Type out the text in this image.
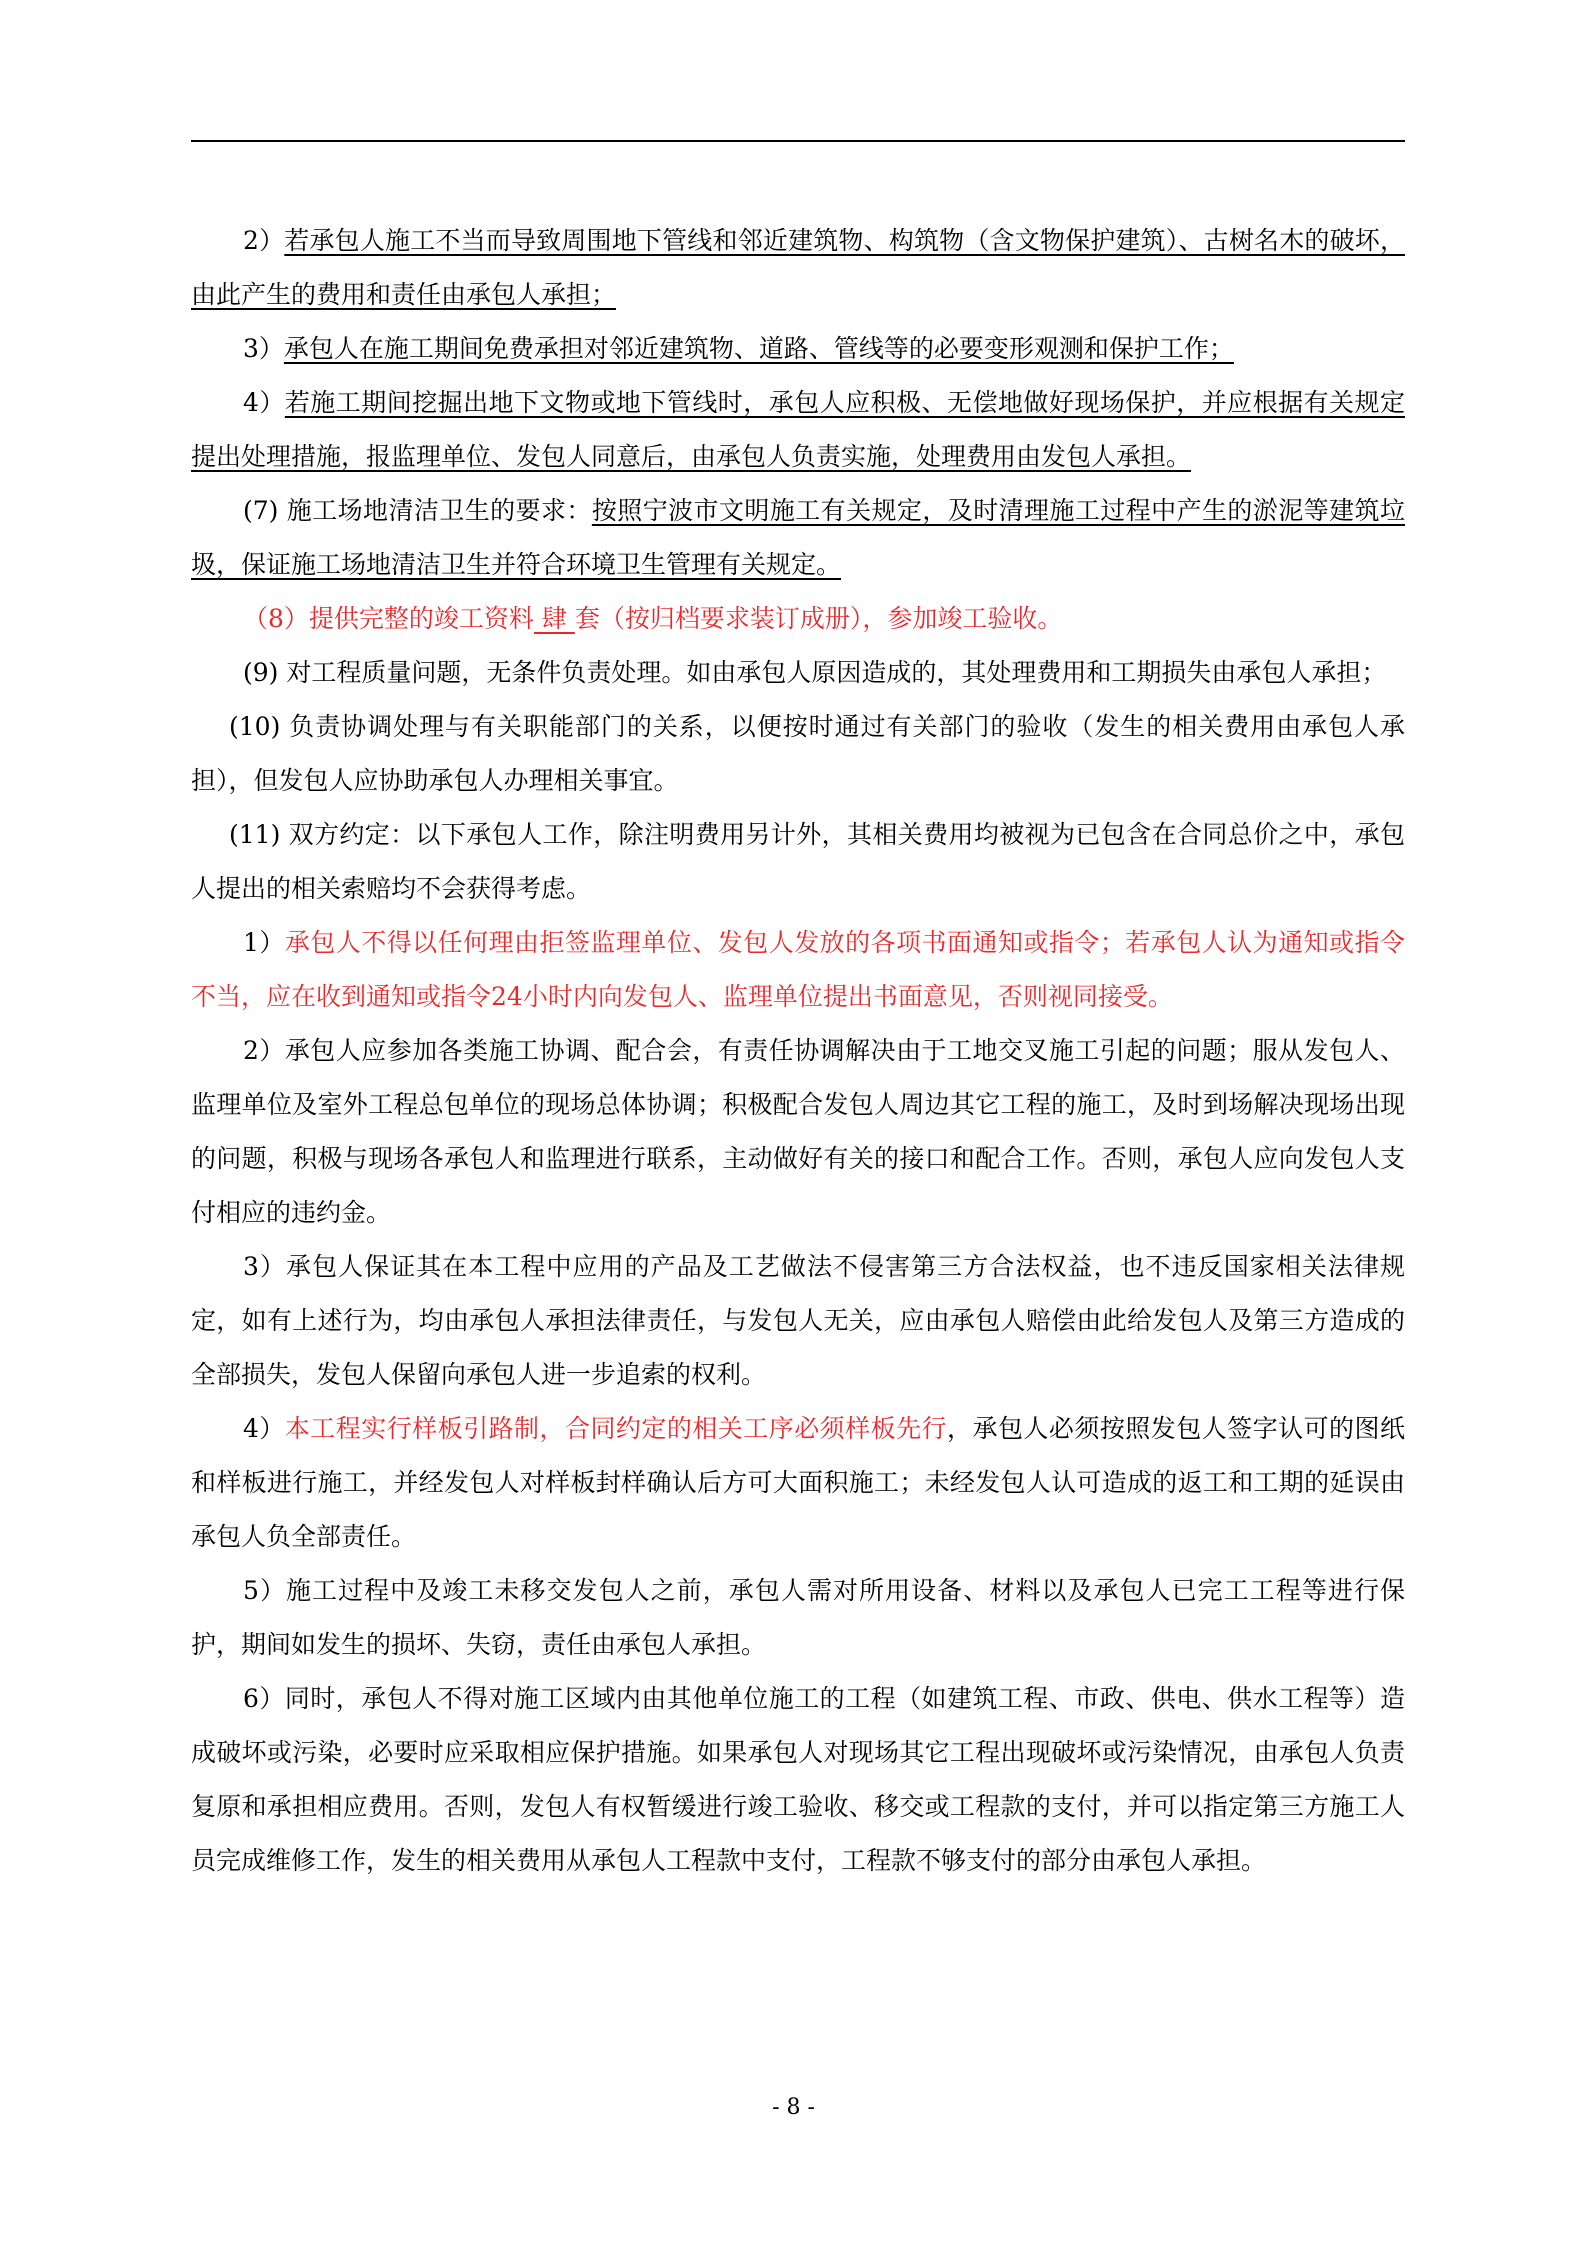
2）若承包人施工不当而导致周围地下管线和邻近建筑物、构筑物（含文物保护建筑）、古树名木的破坏，由此产生的费用和责任由承包人承担；

3）承包人在施工期间免费承担对邻近建筑物、道路、管线等的必要变形观测和保护工作；

4）若施工期间挖掘出地下文物或地下管线时，承包人应积极、无偿地做好现场保护，并应根据有关规定提出处理措施，报监理单位、发包人同意后，由承包人负责实施，处理费用由发包人承担。

(7) 施工场地清洁卫生的要求：按照宁波市文明施工有关规定，及时清理施工过程中产生的淤泥等建筑垃圾，保证施工场地清洁卫生并符合环境卫生管理有关规定。

（8）提供完整的竣工资料 肆 套（按归档要求装订成册），参加竣工验收。

(9) 对工程质量问题，无条件负责处理。如由承包人原因造成的，其处理费用和工期损失由承包人承担；

(10) 负责协调处理与有关职能部门的关系，以便按时通过有关部门的验收（发生的相关费用由承包人承担），但发包人应协助承包人办理相关事宜。

(11) 双方约定：以下承包人工作，除注明费用另计外，其相关费用均被视为已包含在合同总价之中，承包人提出的相关索赔均不会获得考虑。

1）承包人不得以任何理由拒签监理单位、发包人发放的各项书面通知或指令；若承包人认为通知或指令不当，应在收到通知或指令24小时内向发包人、监理单位提出书面意见，否则视同接受。

2）承包人应参加各类施工协调、配合会，有责任协调解决由于工地交叉施工引起的问题；服从发包人、监理单位及室外工程总包单位的现场总体协调；积极配合发包人周边其它工程的施工，及时到场解决现场出现的问题，积极与现场各承包人和监理进行联系，主动做好有关的接口和配合工作。否则，承包人应向发包人支付相应的违约金。

3）承包人保证其在本工程中应用的产品及工艺做法不侵害第三方合法权益，也不违反国家相关法律规定，如有上述行为，均由承包人承担法律责任，与发包人无关，应由承包人赔偿由此给发包人及第三方造成的全部损失，发包人保留向承包人进一步追索的权利。

4）本工程实行样板引路制，合同约定的相关工序必须样板先行，承包人必须按照发包人签字认可的图纸和样板进行施工，并经发包人对样板封样确认后方可大面积施工；未经发包人认可造成的返工和工期的延误由承包人负全部责任。

5）施工过程中及竣工未移交发包人之前，承包人需对所用设备、材料以及承包人已完工工程等进行保护，期间如发生的损坏、失窃，责任由承包人承担。

6）同时，承包人不得对施工区域内由其他单位施工的工程（如建筑工程、市政、供电、供水工程等）造成破坏或污染，必要时应采取相应保护措施。如果承包人对现场其它工程出现破坏或污染情况，由承包人负责复原和承担相应费用。否则，发包人有权暂缓进行竣工验收、移交或工程款的支付，并可以指定第三方施工人员完成维修工作，发生的相关费用从承包人工程款中支付，工程款不够支付的部分由承包人承担。

- 8 -
